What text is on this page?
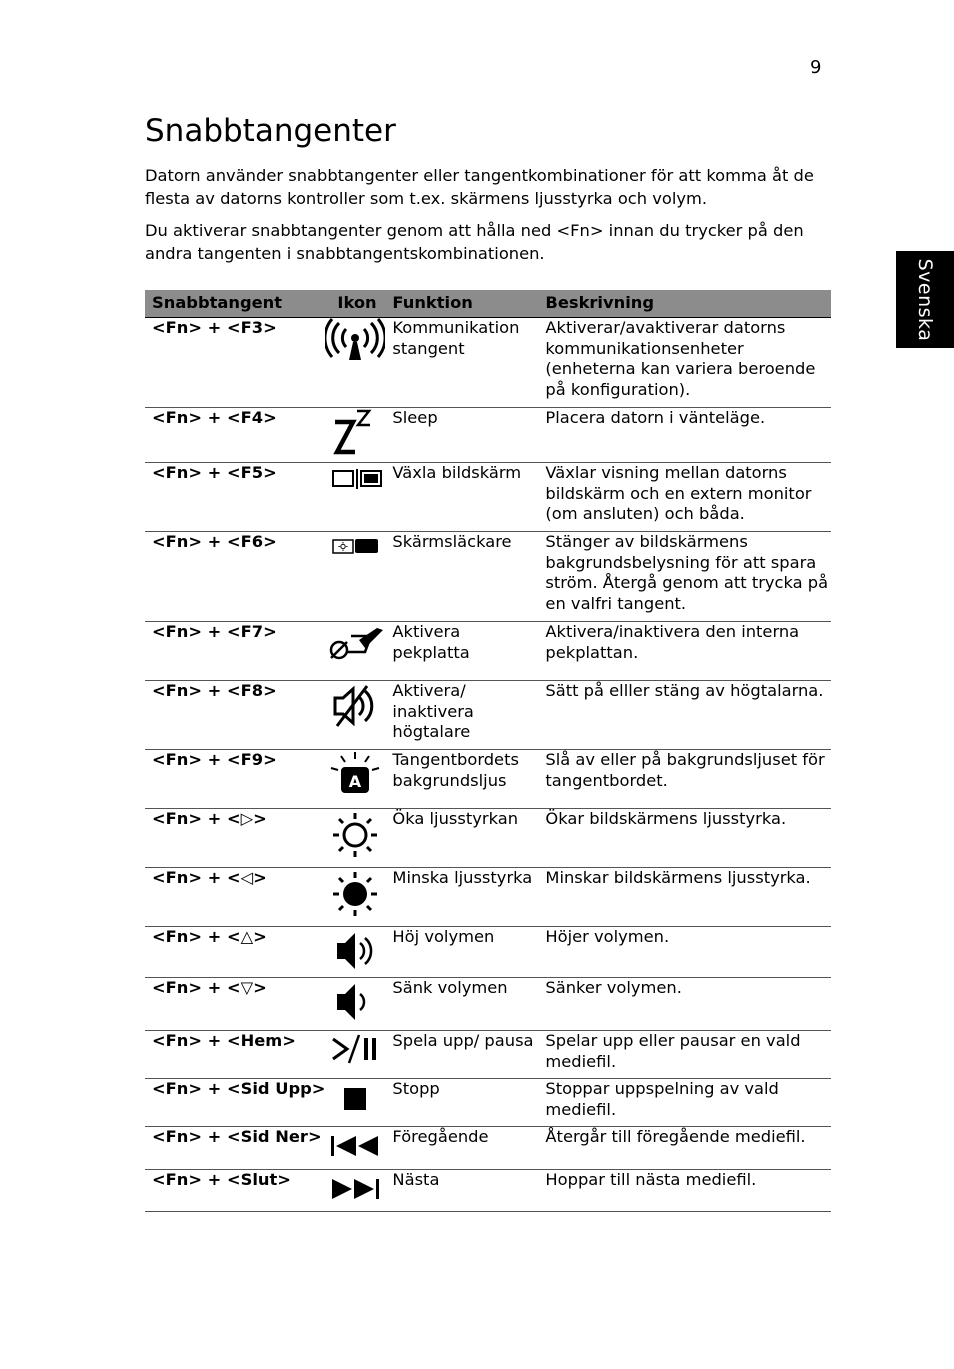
9
Svenska
Snabbtangenter

Datorn använder snabbtangenter eller tangentkombinationer för att komma åt de flesta av datorns kontroller som t.ex. skärmens ljusstyrka och volym.

Du aktiverar snabbtangenter genom att hålla ned <Fn> innan du trycker på den andra tangenten i snabbtangentskombinationen.

Snabbtangent	Ikon	Funktion	Beskrivning
<Fn> + <F3>		Kommunikation stangent	Aktiverar/avaktiverar datorns kommunikationsenheter (enheterna kan variera beroende på konfiguration).
<Fn> + <F4>		Sleep	Placera datorn i vänteläge.
<Fn> + <F5>		Växla bildskärm	Växlar visning mellan datorns bildskärm och en extern monitor (om ansluten) och båda.
<Fn> + <F6>		Skärmsläckare	Stänger av bildskärmens bakgrundsbelysning för att spara ström. Återgå genom att trycka på en valfri tangent.
<Fn> + <F7>		Aktivera pekplatta	Aktivera/inaktivera den interna pekplattan.
<Fn> + <F8>		Aktivera/ inaktivera högtalare	Sätt på elller stäng av högtalarna.
<Fn> + <F9>	A	Tangentbordets bakgrundsljus	Slå av eller på bakgrundsljuset för tangentbordet.
<Fn> + <▷>		Öka ljusstyrkan	Ökar bildskärmens ljusstyrka.
<Fn> + <◁>		Minska ljusstyrka	Minskar bildskärmens ljusstyrka.
<Fn> + <△>		Höj volymen	Höjer volymen.
<Fn> + <▽>		Sänk volymen	Sänker volymen.
<Fn> + <Hem>		Spela upp/ pausa	Spelar upp eller pausar en vald mediefil.
<Fn> + <Sid Upp>		Stopp	Stoppar uppspelning av vald mediefil.
<Fn> + <Sid Ner>		Föregående	Återgår till föregående mediefil.
<Fn> + <Slut>		Nästa	Hoppar till nästa mediefil.
